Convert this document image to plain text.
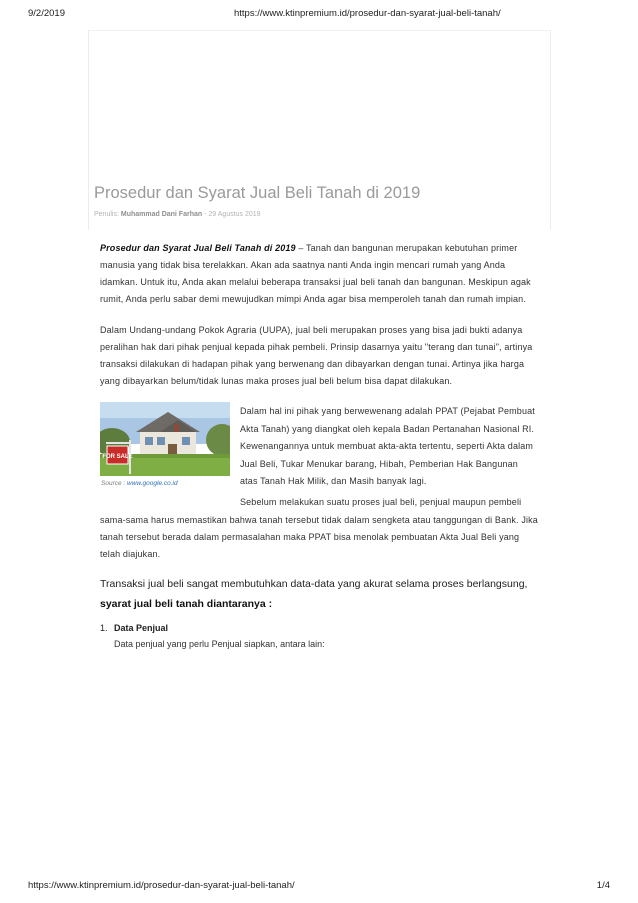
9/2/2019	https://www.ktinpremium.id/prosedur-dan-syarat-jual-beli-tanah/
Prosedur dan Syarat Jual Beli Tanah di 2019
Penulis: Muhammad Dani Farhan - 29 Agustus 2019

Prosedur dan Syarat Jual Beli Tanah di 2019 – Tanah dan bangunan merupakan kebutuhan primer manusia yang tidak bisa terelakkan. Akan ada saatnya nanti Anda ingin mencari rumah yang Anda idamkan. Untuk itu, Anda akan melalui beberapa transaksi jual beli tanah dan bangunan. Meskipun agak rumit, Anda perlu sabar demi mewujudkan mimpi Anda agar bisa memperoleh tanah dan rumah impian.

Dalam Undang-undang Pokok Agraria (UUPA), jual beli merupakan proses yang bisa jadi bukti adanya peralihan hak dari pihak penjual kepada pihak pembeli. Prinsip dasarnya yaitu "terang dan tunai", artinya transaksi dilakukan di hadapan pihak yang berwenang dan dibayarkan dengan tunai. Artinya jika harga yang dibayarkan belum/tidak lunas maka proses jual beli belum bisa dapat dilakukan.

FOR SALE
Source : www.google.co.id

Dalam hal ini pihak yang berwewenang adalah PPAT (Pejabat Pembuat Akta Tanah) yang diangkat oleh kepala Badan Pertanahan Nasional RI. Kewenangannya untuk membuat akta-akta tertentu, seperti Akta dalam Jual Beli, Tukar Menukar barang, Hibah, Pemberian Hak Bangunan atas Tanah Hak Milik, dan Masih banyak lagi.

Sebelum melakukan suatu proses jual beli, penjual maupun pembeli

sama-sama harus memastikan bahwa tanah tersebut tidak dalam sengketa atau tanggungan di Bank. Jika tanah tersebut berada dalam permasalahan maka PPAT bisa menolak pembuatan Akta Jual Beli yang telah diajukan.

Transaksi jual beli sangat membutuhkan data-data yang akurat selama proses berlangsung, syarat jual beli tanah diantaranya :

1. Data Penjual
Data penjual yang perlu Penjual siapkan, antara lain:
https://www.ktinpremium.id/prosedur-dan-syarat-jual-beli-tanah/	1/4
